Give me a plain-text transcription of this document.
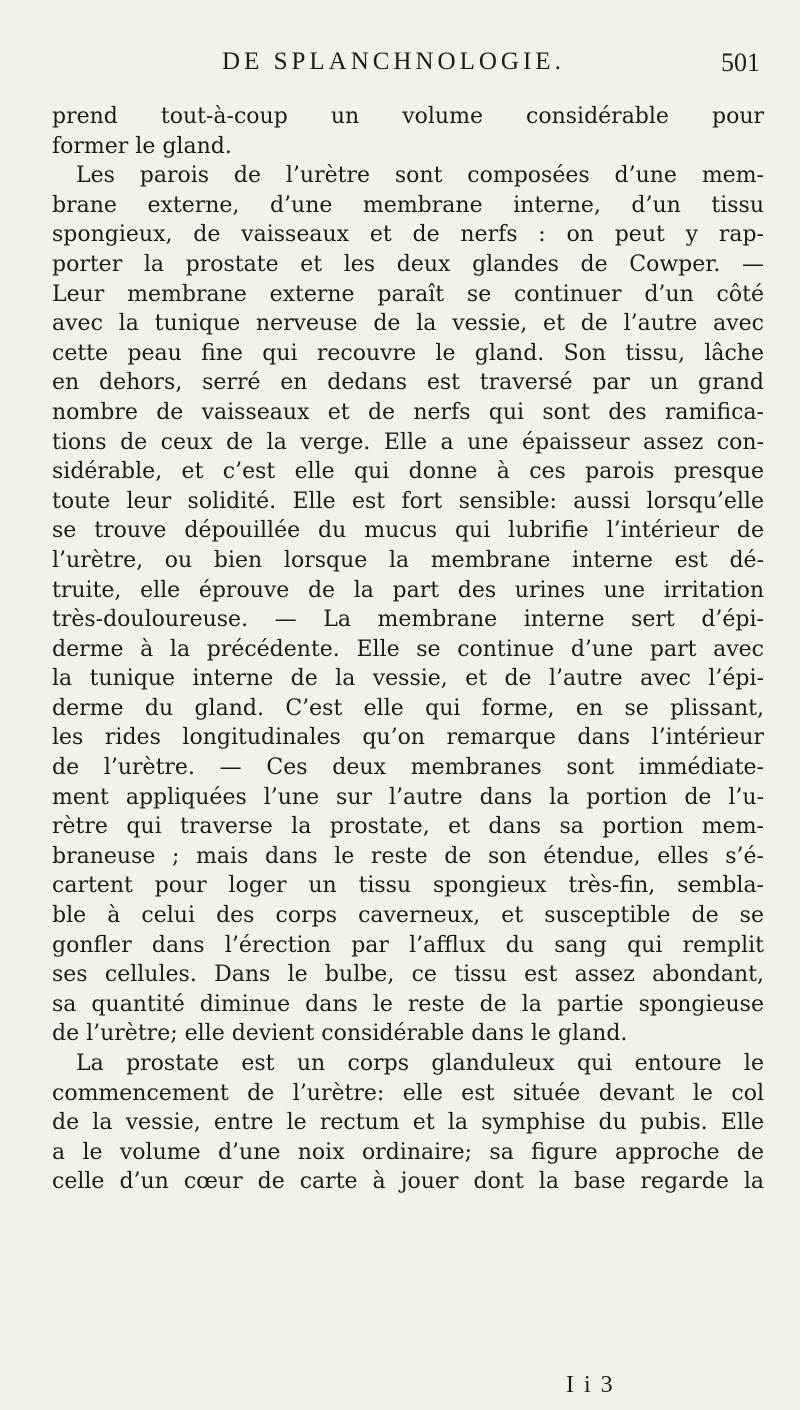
DE SPLANCHNOLOGIE.	501
prend tout-à-coup un volume considérable pour
former le gland.
Les parois de l’urètre sont composées d’une mem-
brane externe, d’une membrane interne, d’un tissu
spongieux, de vaisseaux et de nerfs : on peut y rap-
porter la prostate et les deux glandes de Cowper. —
Leur membrane externe paraît se continuer d’un côté
avec la tunique nerveuse de la vessie, et de l’autre avec
cette peau fine qui recouvre le gland. Son tissu, lâche
en dehors, serré en dedans est traversé par un grand
nombre de vaisseaux et de nerfs qui sont des ramifica-
tions de ceux de la verge. Elle a une épaisseur assez con-
sidérable, et c’est elle qui donne à ces parois presque
toute leur solidité. Elle est fort sensible: aussi lorsqu’elle
se trouve dépouillée du mucus qui lubrifie l’intérieur de
l’urètre, ou bien lorsque la membrane interne est dé-
truite, elle éprouve de la part des urines une irritation
très-douloureuse. — La membrane interne sert d’épi-
derme à la précédente. Elle se continue d’une part avec
la tunique interne de la vessie, et de l’autre avec l’épi-
derme du gland. C’est elle qui forme, en se plissant,
les rides longitudinales qu’on remarque dans l’intérieur
de l’urètre. — Ces deux membranes sont immédiate-
ment appliquées l’une sur l’autre dans la portion de l’u-
rètre qui traverse la prostate, et dans sa portion mem-
braneuse ; mais dans le reste de son étendue, elles s’é-
cartent pour loger un tissu spongieux très-fin, sembla-
ble à celui des corps caverneux, et susceptible de se
gonfler dans l’érection par l’afflux du sang qui remplit
ses cellules. Dans le bulbe, ce tissu est assez abondant,
sa quantité diminue dans le reste de la partie spongieuse
de l’urètre; elle devient considérable dans le gland.
La prostate est un corps glanduleux qui entoure le
commencement de l’urètre: elle est située devant le col
de la vessie, entre le rectum et la symphise du pubis. Elle
a le volume d’une noix ordinaire; sa figure approche de
celle d’un cœur de carte à jouer dont la base regarde la
I i 3
